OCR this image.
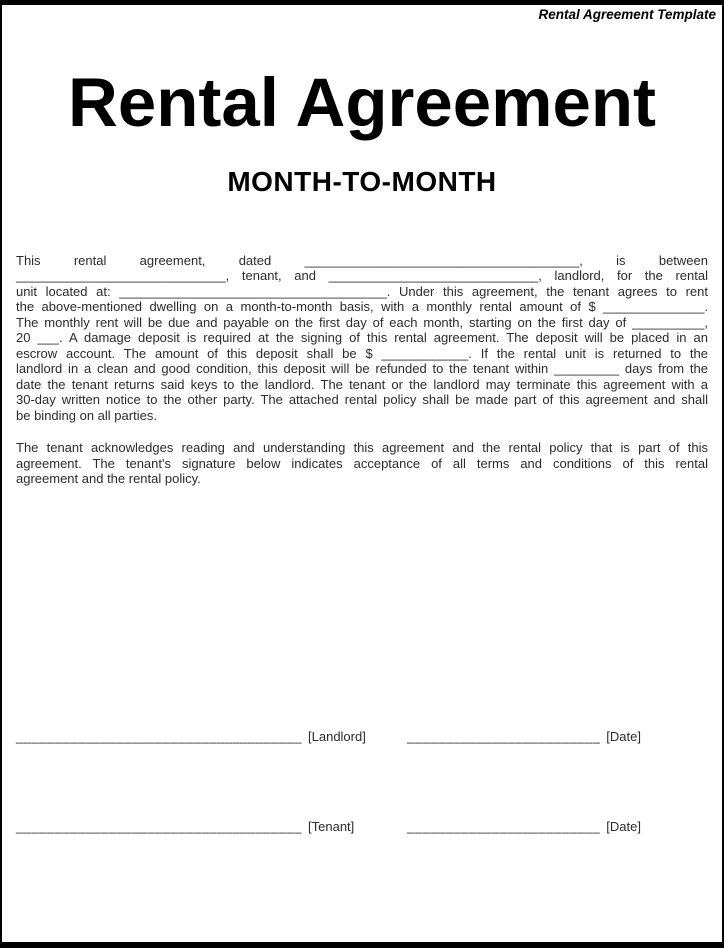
Rental Agreement Template
Rental Agreement
MONTH-TO-MONTH
This rental agreement, dated ______________________________________, is between
_____________________________, tenant, and _____________________________, landlord, for the rental
unit located at: _____________________________________. Under this agreement, the tenant agrees to rent
the above-mentioned dwelling on a month-to-month basis, with a monthly rental amount of $ ______________.
The monthly rent will be due and payable on the first day of each month, starting on the first day of __________,
20 ___. A damage deposit is required at the signing of this rental agreement. The deposit will be placed in an
escrow account. The amount of this deposit shall be $ ____________. If the rental unit is returned to the
landlord in a clean and good condition, this deposit will be refunded to the tenant within _________ days from the
date the tenant returns said keys to the landlord. The tenant or the landlord may terminate this agreement with a
30-day written notice to the other party. The attached rental policy shall be made part of this agreement and shall
be binding on all parties.
The tenant acknowledges reading and understanding this agreement and the rental policy that is part of this
agreement. The tenant's signature below indicates acceptance of all terms and conditions of this rental
agreement and the rental policy.
_____________________________________ [Landlord]	_________________________ [Date]
_____________________________________ [Tenant]	_________________________ [Date]
